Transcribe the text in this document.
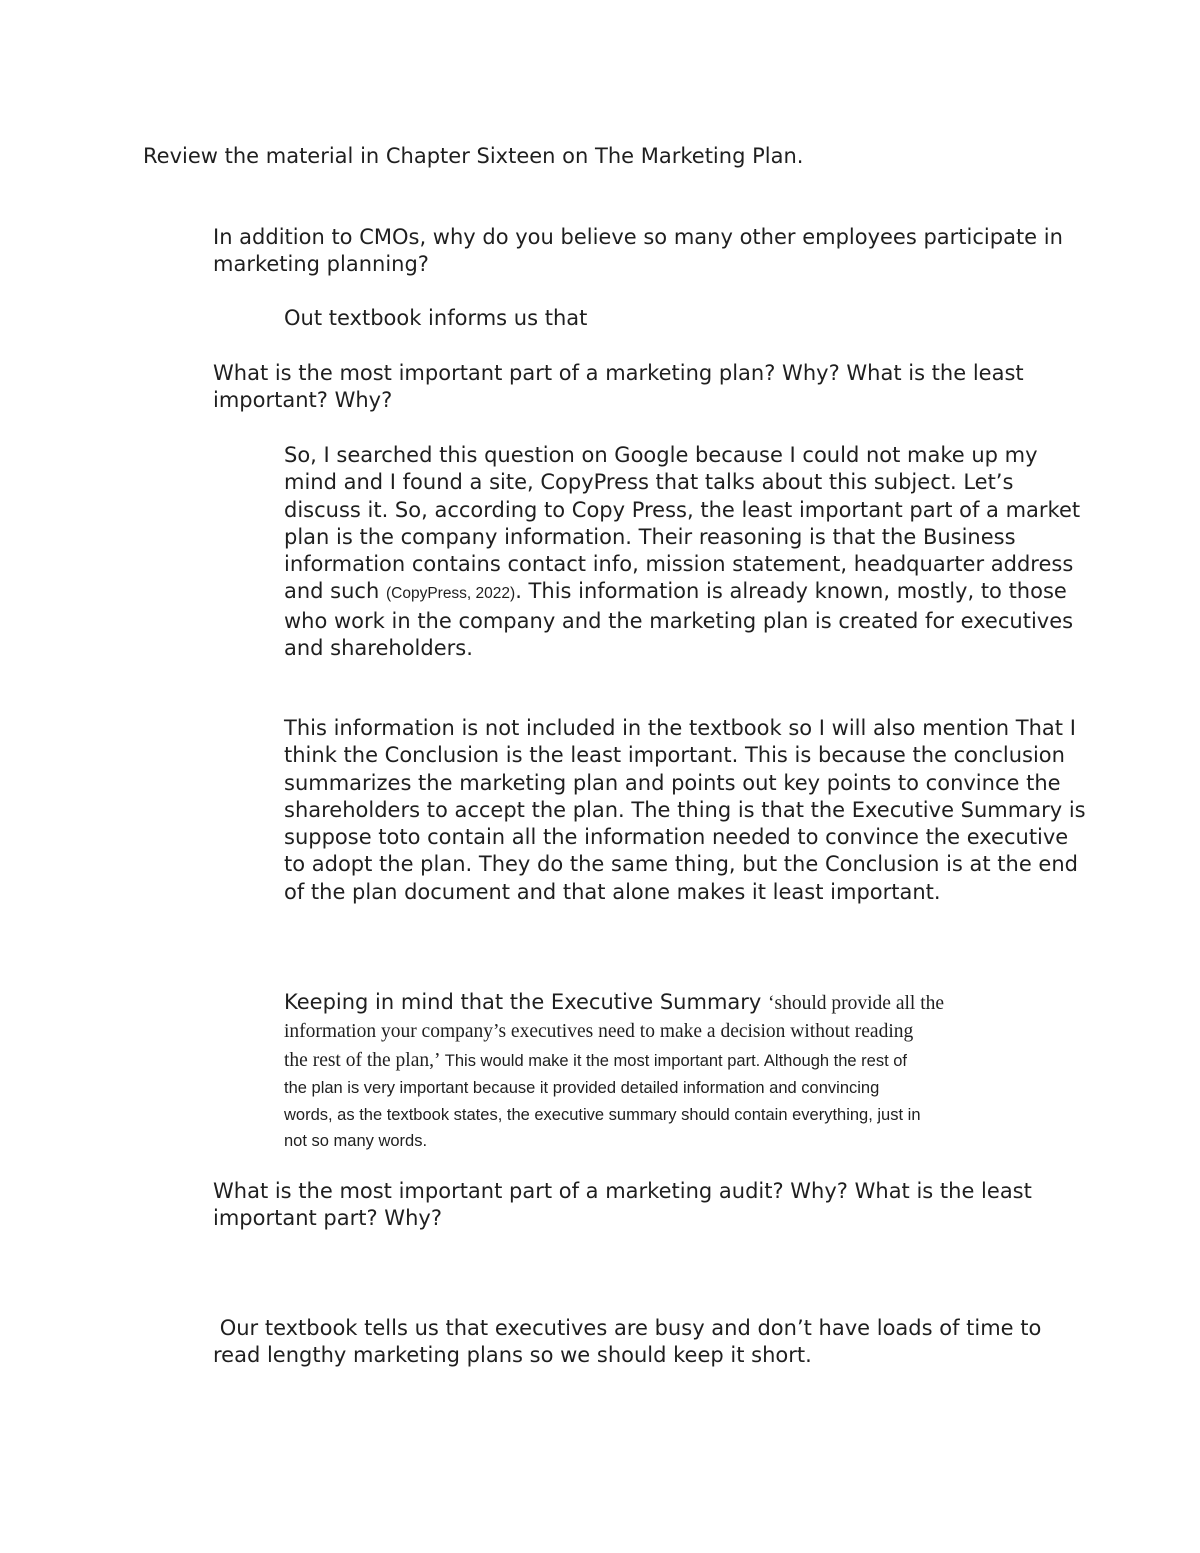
Review the material in Chapter Sixteen on The Marketing Plan.

In addition to CMOs, why do you believe so many other employees participate in marketing planning?

Out textbook informs us that

What is the most important part of a marketing plan? Why? What is the least important? Why?

So, I searched this question on Google because I could not make up my mind and I found a site, CopyPress that talks about this subject. Let’s discuss it. So, according to Copy Press, the least important part of a market plan is the company information. Their reasoning is that the Business information contains contact info, mission statement, headquarter address and such (CopyPress, 2022). This information is already known, mostly, to those who work in the company and the marketing plan is created for executives and shareholders.

This information is not included in the textbook so I will also mention That I think the Conclusion is the least important. This is because the conclusion summarizes the marketing plan and points out key points to convince the shareholders to accept the plan. The thing is that the Executive Summary is suppose toto contain all the information needed to convince the executive to adopt the plan. They do the same thing, but the Conclusion is at the end of the plan document and that alone makes it least important.

Keeping in mind that the Executive Summary ‘should provide all the
information your company’s executives need to make a decision without reading
the rest of the plan,’ This would make it the most important part. Although the rest of
the plan is very important because it provided detailed information and convincing
words, as the textbook states, the executive summary should contain everything, just in
not so many words.

What is the most important part of a marketing audit? Why? What is the least important part? Why?

Our textbook tells us that executives are busy and don’t have loads of time to read lengthy marketing plans so we should keep it short.
